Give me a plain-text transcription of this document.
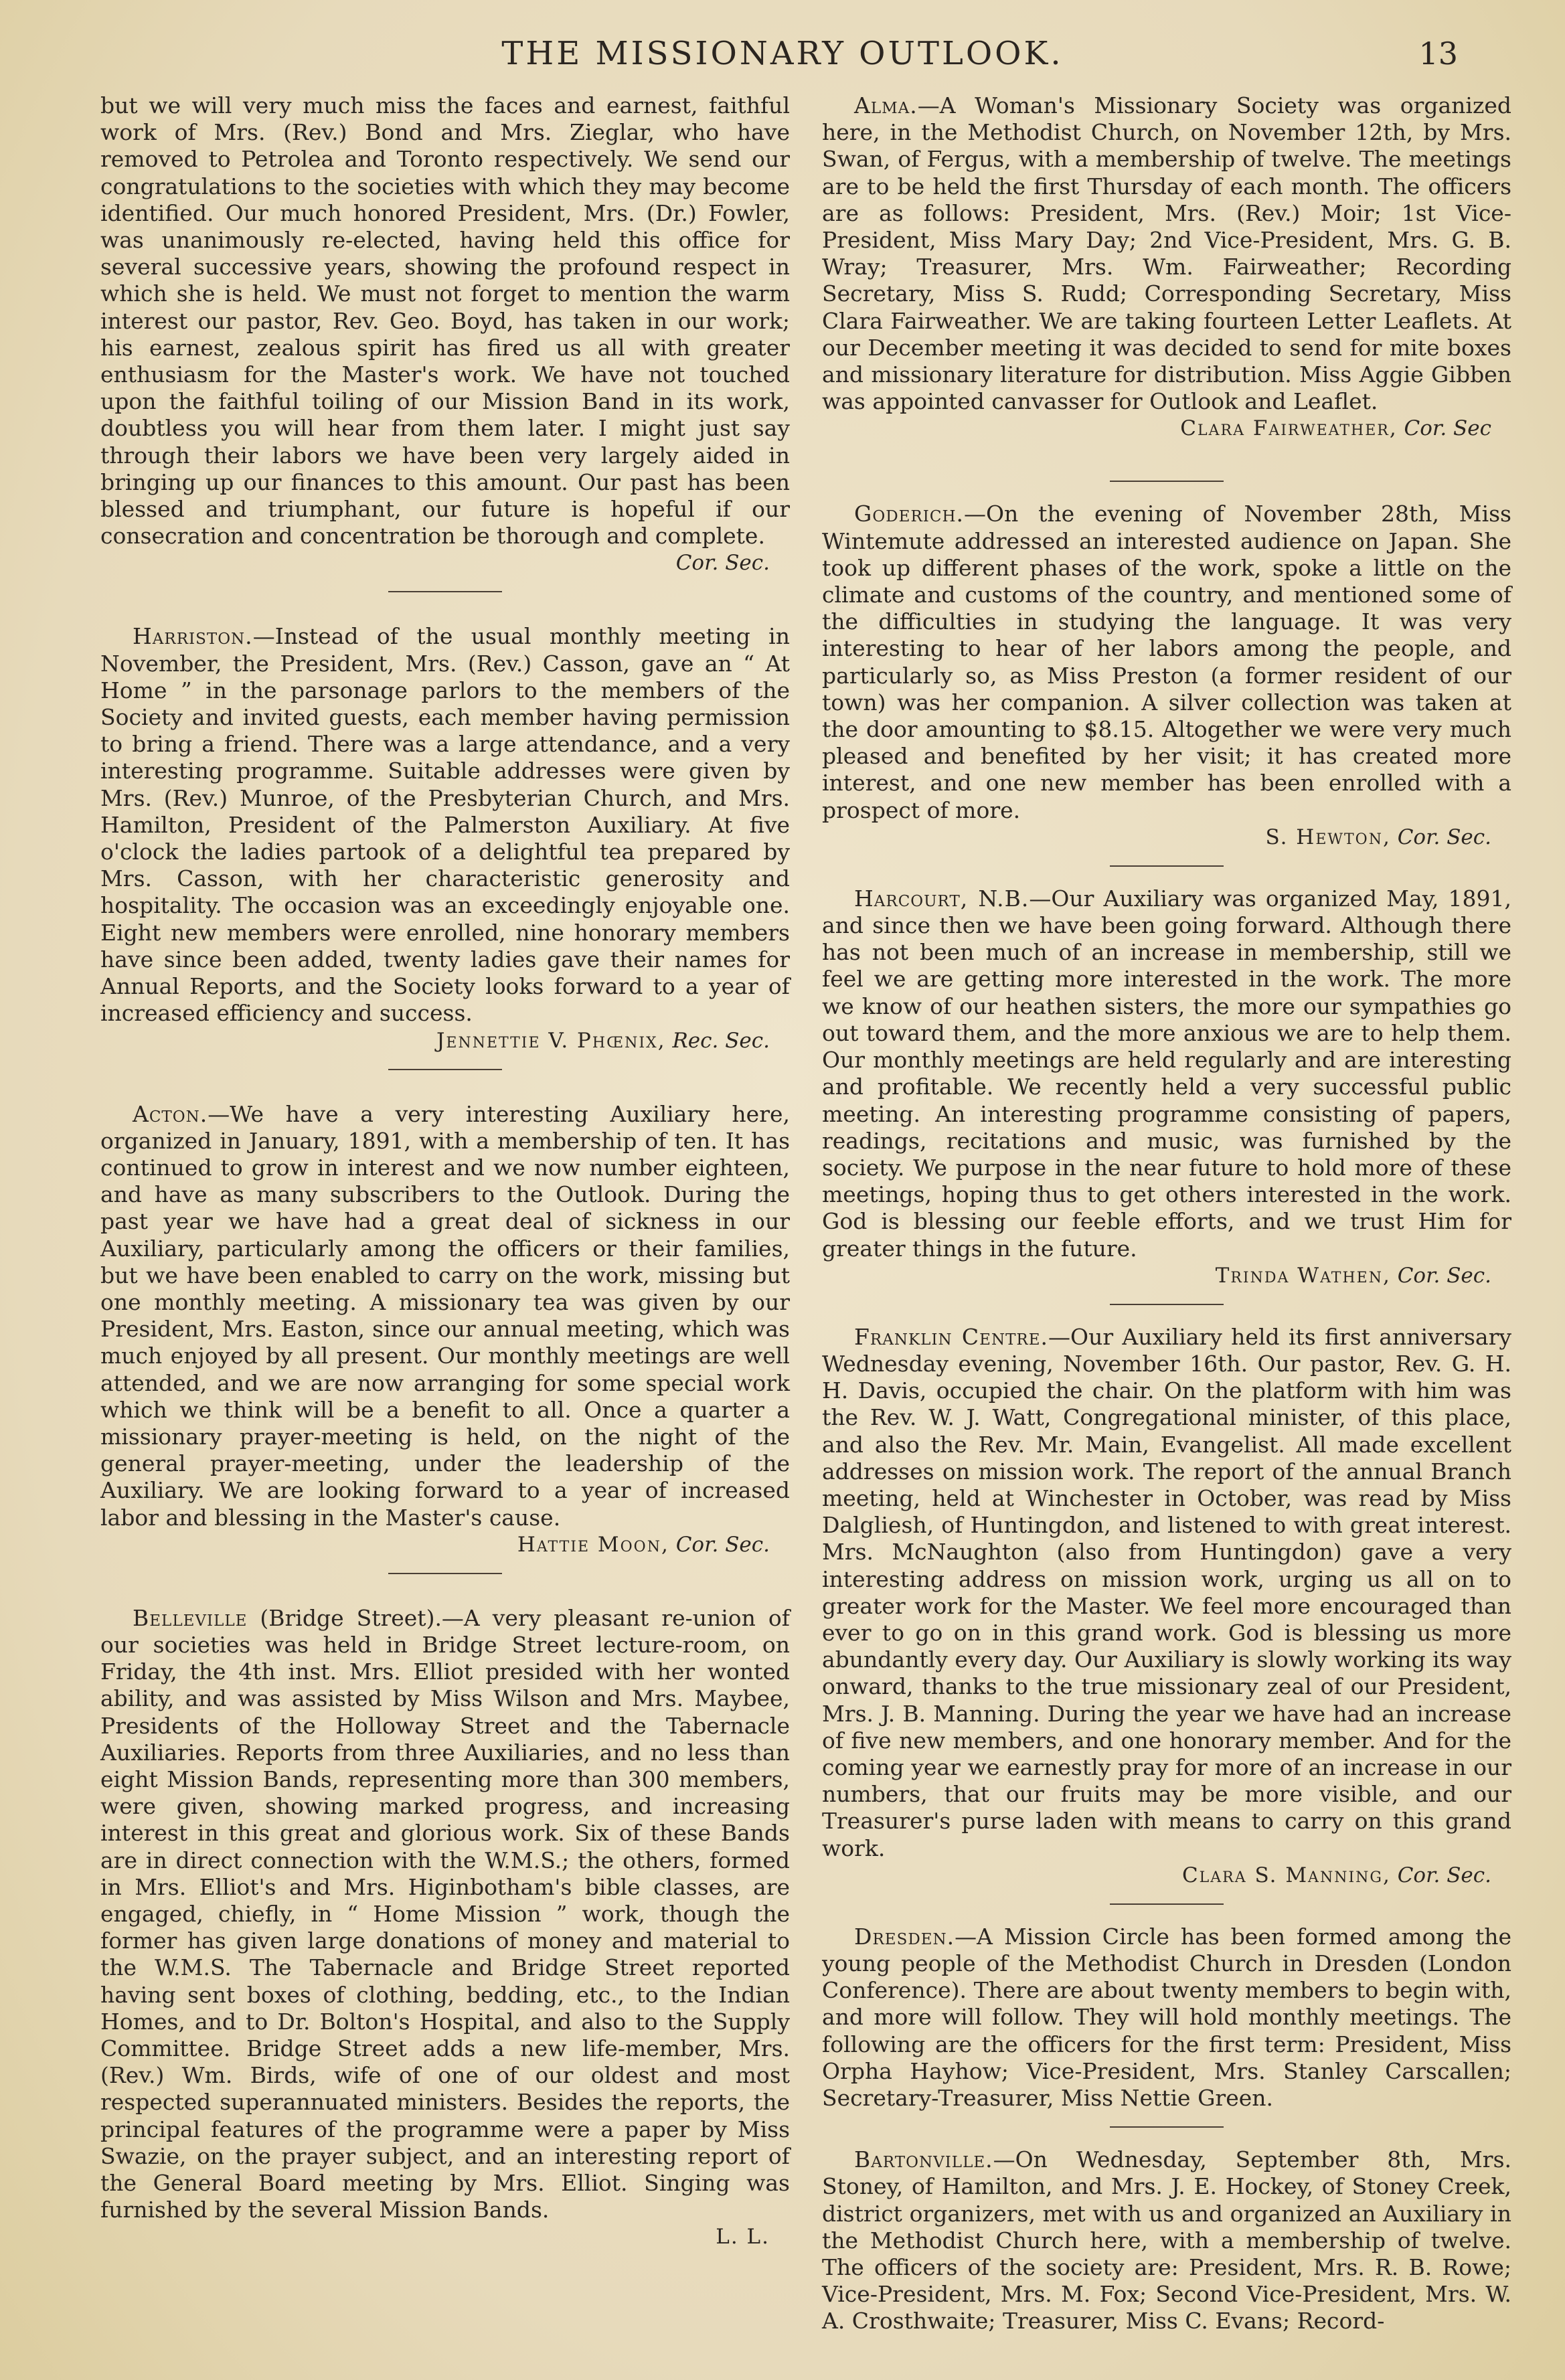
THE MISSIONARY OUTLOOK.	13

but we will very much miss the faces and earnest, faithful work of Mrs. (Rev.) Bond and Mrs. Zieglar, who have removed to Petrolea and Toronto respectively. We send our congratulations to the societies with which they may become identified. Our much honored President, Mrs. (Dr.) Fowler, was unanimously re-elected, having held this office for several successive years, showing the profound respect in which she is held. We must not forget to mention the warm interest our pastor, Rev. Geo. Boyd, has taken in our work; his earnest, zealous spirit has fired us all with greater enthusiasm for the Master's work. We have not touched upon the faithful toiling of our Mission Band in its work, doubtless you will hear from them later. I might just say through their labors we have been very largely aided in bringing up our finances to this amount. Our past has been blessed and triumphant, our future is hopeful if our consecration and concentration be thorough and complete.

Cor. Sec.

Harriston.—Instead of the usual monthly meeting in November, the President, Mrs. (Rev.) Casson, gave an “ At Home ” in the parsonage parlors to the members of the Society and invited guests, each member having permission to bring a friend. There was a large attendance, and a very interesting programme. Suitable addresses were given by Mrs. (Rev.) Munroe, of the Presbyterian Church, and Mrs. Hamilton, President of the Palmerston Auxiliary. At five o'clock the ladies partook of a delightful tea prepared by Mrs. Casson, with her characteristic generosity and hospitality. The occasion was an exceedingly enjoyable one. Eight new members were enrolled, nine honorary members have since been added, twenty ladies gave their names for Annual Reports, and the Society looks forward to a year of increased efficiency and success.

Jennettie V. Phœnix, Rec. Sec.

Acton.—We have a very interesting Auxiliary here, organized in January, 1891, with a membership of ten. It has continued to grow in interest and we now number eighteen, and have as many subscribers to the Outlook. During the past year we have had a great deal of sickness in our Auxiliary, particularly among the officers or their families, but we have been enabled to carry on the work, missing but one monthly meeting. A missionary tea was given by our President, Mrs. Easton, since our annual meeting, which was much enjoyed by all present. Our monthly meetings are well attended, and we are now arranging for some special work which we think will be a benefit to all. Once a quarter a missionary prayer-meeting is held, on the night of the general prayer-meeting, under the leadership of the Auxiliary. We are looking forward to a year of increased labor and blessing in the Master's cause.

Hattie Moon, Cor. Sec.

Belleville (Bridge Street).—A very pleasant re-union of our societies was held in Bridge Street lecture-room, on Friday, the 4th inst. Mrs. Elliot presided with her wonted ability, and was assisted by Miss Wilson and Mrs. Maybee, Presidents of the Holloway Street and the Tabernacle Auxiliaries. Reports from three Auxiliaries, and no less than eight Mission Bands, representing more than 300 members, were given, showing marked progress, and increasing interest in this great and glorious work. Six of these Bands are in direct connection with the W.M.S.; the others, formed in Mrs. Elliot's and Mrs. Higinbotham's bible classes, are engaged, chiefly, in “ Home Mission ” work, though the former has given large donations of money and material to the W.M.S. The Tabernacle and Bridge Street reported having sent boxes of clothing, bedding, etc., to the Indian Homes, and to Dr. Bolton's Hospital, and also to the Supply Committee. Bridge Street adds a new life-member, Mrs. (Rev.) Wm. Birds, wife of one of our oldest and most respected superannuated ministers. Besides the reports, the principal features of the programme were a paper by Miss Swazie, on the prayer subject, and an interesting report of the General Board meeting by Mrs. Elliot. Singing was furnished by the several Mission Bands.

L. L.

Alma.—A Woman's Missionary Society was organized here, in the Methodist Church, on November 12th, by Mrs. Swan, of Fergus, with a membership of twelve. The meetings are to be held the first Thursday of each month. The officers are as follows: President, Mrs. (Rev.) Moir; 1st Vice-President, Miss Mary Day; 2nd Vice-President, Mrs. G. B. Wray; Treasurer, Mrs. Wm. Fairweather; Recording Secretary, Miss S. Rudd; Corresponding Secretary, Miss Clara Fairweather. We are taking fourteen Letter Leaflets. At our December meeting it was decided to send for mite boxes and missionary literature for distribution. Miss Aggie Gibben was appointed canvasser for Outlook and Leaflet.

Clara Fairweather, Cor. Sec

Goderich.—On the evening of November 28th, Miss Wintemute addressed an interested audience on Japan. She took up different phases of the work, spoke a little on the climate and customs of the country, and mentioned some of the difficulties in studying the language. It was very interesting to hear of her labors among the people, and particularly so, as Miss Preston (a former resident of our town) was her companion. A silver collection was taken at the door amounting to $8.15. Altogether we were very much pleased and benefited by her visit; it has created more interest, and one new member has been enrolled with a prospect of more.

S. Hewton, Cor. Sec.

Harcourt, N.B.—Our Auxiliary was organized May, 1891, and since then we have been going forward. Although there has not been much of an increase in membership, still we feel we are getting more interested in the work. The more we know of our heathen sisters, the more our sympathies go out toward them, and the more anxious we are to help them. Our monthly meetings are held regularly and are interesting and profitable. We recently held a very successful public meeting. An interesting programme consisting of papers, readings, recitations and music, was furnished by the society. We purpose in the near future to hold more of these meetings, hoping thus to get others interested in the work. God is blessing our feeble efforts, and we trust Him for greater things in the future.

Trinda Wathen, Cor. Sec.

Franklin Centre.—Our Auxiliary held its first anniversary Wednesday evening, November 16th. Our pastor, Rev. G. H. H. Davis, occupied the chair. On the platform with him was the Rev. W. J. Watt, Congregational minister, of this place, and also the Rev. Mr. Main, Evangelist. All made excellent addresses on mission work. The report of the annual Branch meeting, held at Winchester in October, was read by Miss Dalgliesh, of Huntingdon, and listened to with great interest. Mrs. McNaughton (also from Huntingdon) gave a very interesting address on mission work, urging us all on to greater work for the Master. We feel more encouraged than ever to go on in this grand work. God is blessing us more abundantly every day. Our Auxiliary is slowly working its way onward, thanks to the true missionary zeal of our President, Mrs. J. B. Manning. During the year we have had an increase of five new members, and one honorary member. And for the coming year we earnestly pray for more of an increase in our numbers, that our fruits may be more visible, and our Treasurer's purse laden with means to carry on this grand work.

Clara S. Manning, Cor. Sec.

Dresden.—A Mission Circle has been formed among the young people of the Methodist Church in Dresden (London Conference). There are about twenty members to begin with, and more will follow. They will hold monthly meetings. The following are the officers for the first term: President, Miss Orpha Hayhow; Vice-President, Mrs. Stanley Carscallen; Secretary-Treasurer, Miss Nettie Green.

Bartonville.—On Wednesday, September 8th, Mrs. Stoney, of Hamilton, and Mrs. J. E. Hockey, of Stoney Creek, district organizers, met with us and organized an Auxiliary in the Methodist Church here, with a membership of twelve. The officers of the society are: President, Mrs. R. B. Rowe; Vice-President, Mrs. M. Fox; Second Vice-President, Mrs. W. A. Crosthwaite; Treasurer, Miss C. Evans; Record-
